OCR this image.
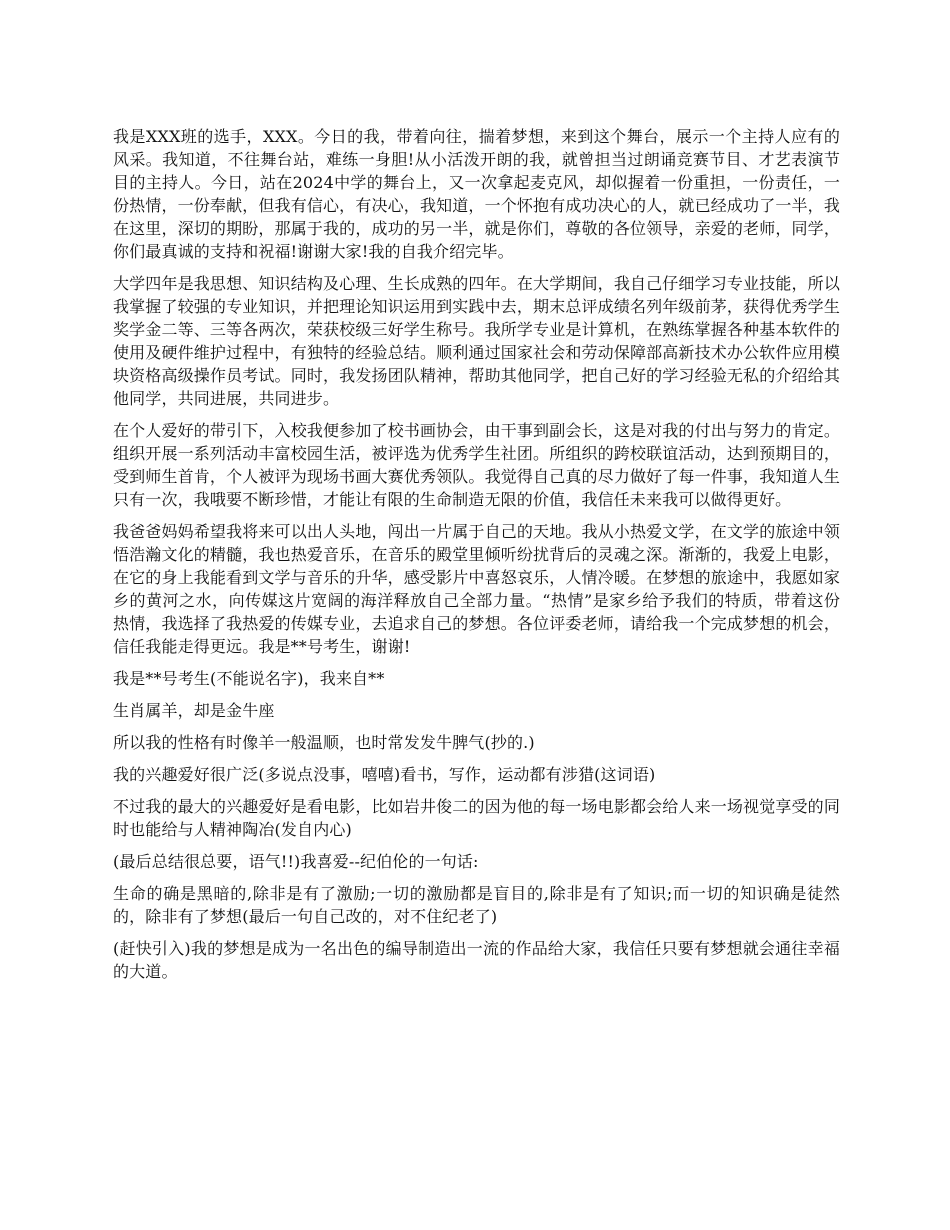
我是XXX班的选手，XXX。今日的我，带着向往，揣着梦想，来到这个舞台，展示一个主持人应有的风采。我知道，不往舞台站，难练一身胆!从小活泼开朗的我，就曾担当过朗诵竞赛节目、才艺表演节目的主持人。今日，站在2024中学的舞台上，又一次拿起麦克风，却似握着一份重担，一份责任，一份热情，一份奉献，但我有信心，有决心，我知道，一个怀抱有成功决心的人，就已经成功了一半，我在这里，深切的期盼，那属于我的，成功的另一半，就是你们，尊敬的各位领导，亲爱的老师，同学，你们最真诚的支持和祝福!谢谢大家!我的自我介绍完毕。

大学四年是我思想、知识结构及心理、生长成熟的四年。在大学期间，我自己仔细学习专业技能，所以我掌握了较强的专业知识，并把理论知识运用到实践中去，期末总评成绩名列年级前茅，获得优秀学生奖学金二等、三等各两次，荣获校级三好学生称号。我所学专业是计算机，在熟练掌握各种基本软件的使用及硬件维护过程中，有独特的经验总结。顺利通过国家社会和劳动保障部高新技术办公软件应用模块资格高级操作员考试。同时，我发扬团队精神，帮助其他同学，把自己好的学习经验无私的介绍给其他同学，共同进展，共同进步。

在个人爱好的带引下，入校我便参加了校书画协会，由干事到副会长，这是对我的付出与努力的肯定。组织开展一系列活动丰富校园生活，被评选为优秀学生社团。所组织的跨校联谊活动，达到预期目的，受到师生首肯，个人被评为现场书画大赛优秀领队。我觉得自己真的尽力做好了每一件事，我知道人生只有一次，我哦要不断珍惜，才能让有限的生命制造无限的价值，我信任未来我可以做得更好。

我爸爸妈妈希望我将来可以出人头地，闯出一片属于自己的天地。我从小热爱文学，在文学的旅途中领悟浩瀚文化的精髓，我也热爱音乐，在音乐的殿堂里倾听纷扰背后的灵魂之深。渐渐的，我爱上电影，在它的身上我能看到文学与音乐的升华，感受影片中喜怒哀乐，人情冷暖。在梦想的旅途中，我愿如家乡的黄河之水，向传媒这片宽阔的海洋释放自己全部力量。“热情”是家乡给予我们的特质，带着这份热情，我选择了我热爱的传媒专业，去追求自己的梦想。各位评委老师，请给我一个完成梦想的机会，信任我能走得更远。我是**号考生，谢谢!

我是**号考生(不能说名字)，我来自**

生肖属羊，却是金牛座

所以我的性格有时像羊一般温顺，也时常发发牛脾气(抄的.)

我的兴趣爱好很广泛(多说点没事，嘻嘻)看书，写作，运动都有涉猎(这词语)

不过我的最大的兴趣爱好是看电影，比如岩井俊二的因为他的每一场电影都会给人来一场视觉享受的同时也能给与人精神陶冶(发自内心)

(最后总结很总要，语气!!)我喜爱--纪伯伦的一句话:

生命的确是黑暗的,除非是有了激励;一切的激励都是盲目的,除非是有了知识;而一切的知识确是徒然的，除非有了梦想(最后一句自己改的，对不住纪老了)

(赶快引入)我的梦想是成为一名出色的编导制造出一流的作品给大家，我信任只要有梦想就会通往幸福的大道。
